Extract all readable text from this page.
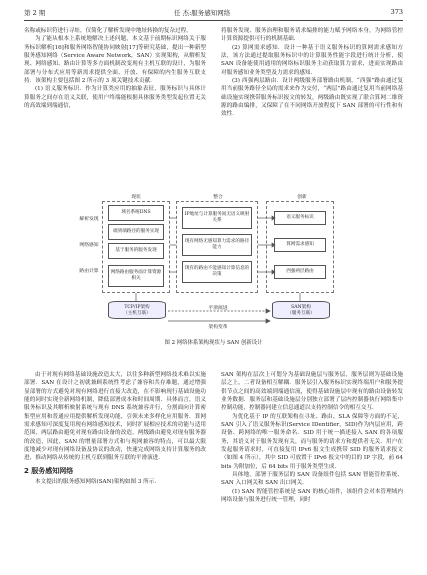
第 2 期	任 杰:服务感知网络	373

名称或标识符进行寻址，仅简化了解析发现中地址转换的复杂过程。

为了能从根本上系统地解决上述问题，本文基于前期标识网络关于服务标识解析[16]和服务网络智能协同映射[17]等研究基础，提出一种新型服务感知网络（Service Aware Network，SAN）实现架构，从解析发现、网络感知、路由计算等多方面机制改变现有主机互联的设计，为服务部署与分布式应用等新需求提供全面、开放、有保障的内生服务互联支持．该架构主要包括图 2 所示的 3 项关键技术贡献．

(1) 语义服务标识．作为计算类应用的抽象表征，服务标识与具体计算服务之间存在语义关联，使用户终端能根据具体服务类型发起位置无关的高效端到端通信，

将服务发现、服务治理和服务请求编排的能力赋予网络本身，为网络管控计算资源提供可行的机制基础．

(2) 算网需求感知．设计一种基于语义服务标识的算网需求感知方法，该方法通过提取服务标识中的计算服务性能字段进行统计分析，使 SAN 设备能使用通用的网络标识服务主动获取算力需求，进而实现路由对服务感知业务类型及力需求的感知．

(3) 西强两层路由．设计两级服务部署路由机制，“西强”路由通过复用当前服务路径全局的需求来作为交付，“两层”路由通过复用当前网络基础设施实现携带服务标识报文的转发，两级路由既实现了联合算网二维资源的路由编排，又保障了在不同网络开放程度下 SAN 部署的可行性和有效性．

现状	整合	创新
解析发现
网络感知
路由计算
域名系统DNS
端到端路径的服务实现
基于服务的服务发现
网络路由服务面计算资源相关
IP地址与计算服务间无语义映射关系
现有网络无感知算力需求的路径能力
现有的路由不能感知计算信息的决策
语义服务标识
算网需求感知
西强两层路由
TCP/IP架构
（主机互联）
平滑演进
架构变革
SAN架构
（服务互联）
图 2 网络体系架构现状与 SAN 创新设计

由于对现有网络基础设施改造太大，以往多种新型网络技术难以实施部署．SAN 在设计之初就兼顾系统性考虑了兼容和共存难题，通过增强显部署的方式避免对现有网络进行直接大改造，在不影响现行基础设施功能的同时实现全新网络机制，降低部署成本和时间周期．具体而言，语义服务标识及其解析映射系统与现有 DNS 系统兼容并行，分割面向计算密集型应用和普通应用提供解析发现功能，引领未来多样化应用服务．算网需求感知可深度复用现有网络感知技术，同时扩展相应技术的功能与适用范围，两层路由避免对现有路由设备的改造，两级路由避免对现有服务器的改造，因此，SAN 的增量部署方式和与现网兼容的特点，可以最大限度地减少对现有网络设备及协议的改动，快速完成网络支持计算服务的改进，推动网络从传统的主机互联到服务互联的平滑演进．

2 服务感知网络

本文提出的服务感知网络(SAN)架构如图 3 所示．

SAN 架构在层次上可划分为基础设施层与服务层，服务层则为基础设施层之上，二者设备相互解耦．服务层引入服务标识实现终端用户和服务提供节点之间的高效端到端通信流，使得基础设施层中现有的路由设备转发业务数据．服务层和基础设施层分别独立部署了层内控制器执行网络集中控制功能，控制器同建立信息通道以支持控制信令的相互交互．

为优化基于 IP 的互联架构在寻址、路由、SLA 保障等方面的不足，SAN 引入了语义服务标识(Service IDentifier，SID)作为内层应用，跨设备、跨网络的唯一服务命名．SID 用于统一描述接入 SAN 的各项服务，其语义对于服务发现有关，而与服务的请求方和提供者无关．用户在发起服务请求时，可直接复用 IPv6 报文生成携带 SID 的服务请求报文（如图 4 所示），其中 SID 可放置于 IPv6 报文中的目的 IP 字段，前 64 bits 为附加位，后 64 bits 用于服务类型生成．

具体地，部署于服务层的 SAN 设备组件包括 SAN 智能管控系统、SAN 入口网关和 SAN 出口网关．

(1) SAN 智能管控系统是 SAN 的核心组件，该组件会对本管理域内网络设备与服务进行统一管理，同时
